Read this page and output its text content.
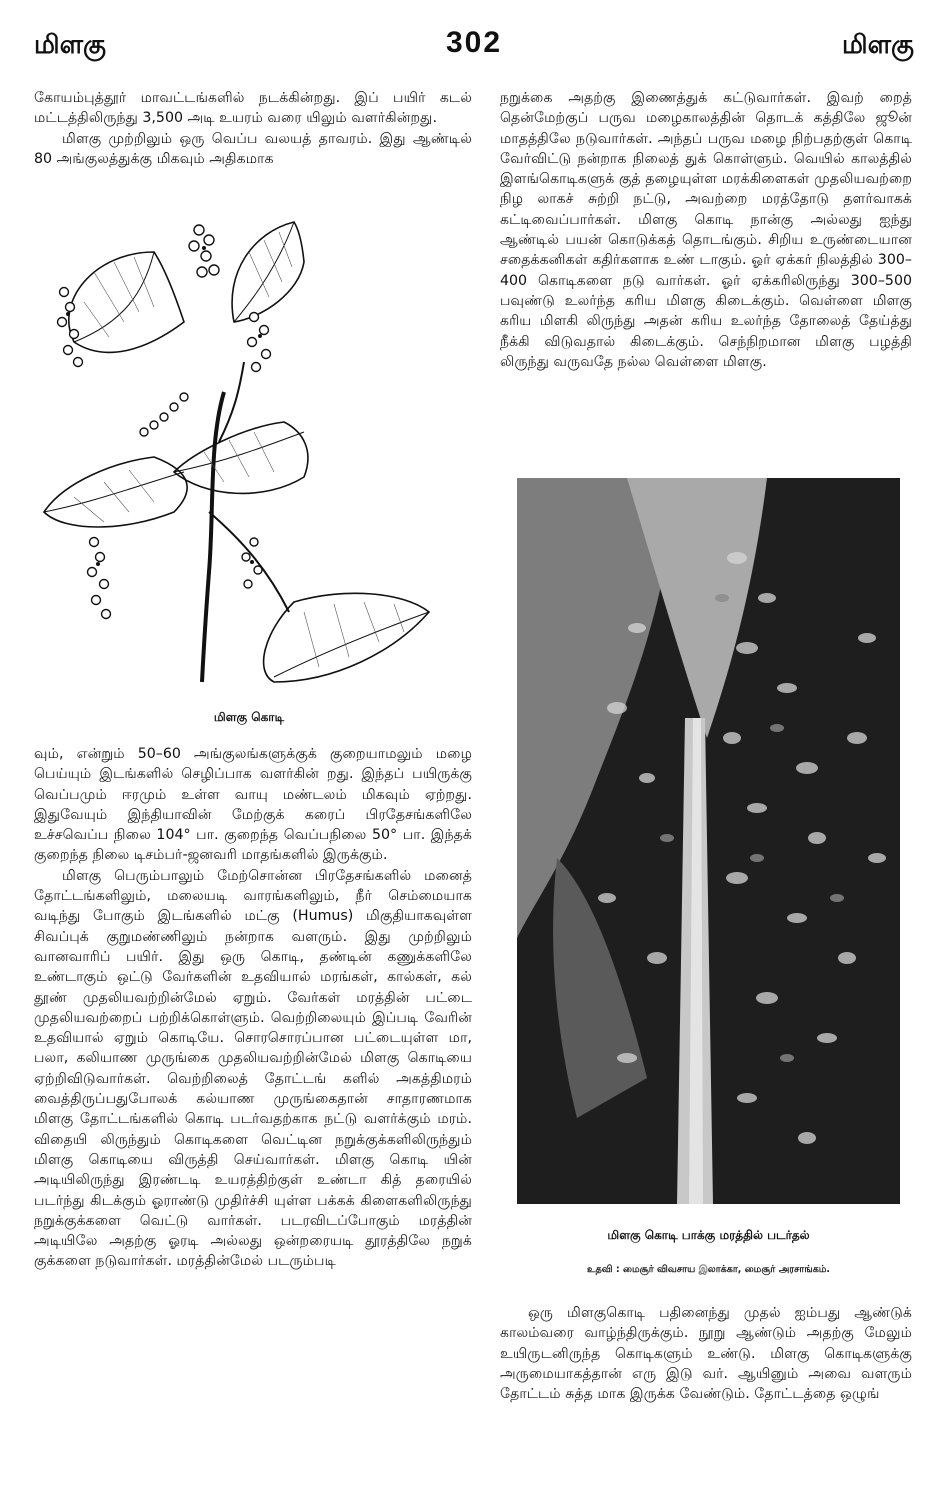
மிளகு	302	மிளகு

கோயம்புத்தூர் மாவட்டங்களில் நடக்கின்றது. இப் பயிர் கடல் மட்டத்திலிருந்து 3,500 அடி உயரம் வரை யிலும் வளர்கின்றது.

மிளகு முற்றிலும் ஒரு வெப்ப வலயத் தாவரம். இது ஆண்டில் 80 அங்குலத்துக்கு மிகவும் அதிகமாக

மிளகு கொடி

வும், என்றும் 50–60 அங்குலங்களுக்குக் குறையாமலும் மழை பெய்யும் இடங்களில் செழிப்பாக வளர்கின் றது. இந்தப் பயிருக்கு வெப்பமும் ஈரமும் உள்ள வாயு மண்டலம் மிகவும் ஏற்றது. இதுவேயும் இந்தியாவின் மேற்குக் கரைப் பிரதேசங்களிலே உச்சவெப்ப நிலை 104° பா. குறைந்த வெப்பநிலை 50° பா. இந்தக் குறைந்த நிலை டிசம்பர்-ஜனவரி மாதங்களில் இருக்கும்.

மிளகு பெரும்பாலும் மேற்சொன்ன பிரதேசங்களில் மனைத் தோட்டங்களிலும், மலையடி வாரங்களிலும், நீர் செம்மையாக வடிந்து போகும் இடங்களில் மட்கு (Humus) மிகுதியாகவுள்ள சிவப்புக் குறுமண்ணிலும் நன்றாக வளரும். இது முற்றிலும் வானவாரிப் பயிர். இது ஒரு கொடி, தண்டின் கணுக்களிலே உண்டாகும் ஒட்டு வேர்களின் உதவியால் மரங்கள், கால்கள், கல் தூண் முதலியவற்றின்மேல் ஏறும். வேர்கள் மரத்தின் பட்டை முதலியவற்றைப் பற்றிக்கொள்ளும். வெற்றிலையும் இப்படி வேரின் உதவியால் ஏறும் கொடியே. சொரசொரப்பான பட்டையுள்ள மா, பலா, கலியாண முருங்கை முதலியவற்றின்மேல் மிளகு கொடியை ஏற்றிவிடுவார்கள். வெற்றிலைத் தோட்டங் களில் அகத்திமரம் வைத்திருப்பதுபோலக் கல்யாண முருங்கைதான் சாதாரணமாக மிளகு தோட்டங்களில் கொடி படர்வதற்காக நட்டு வளர்க்கும் மரம். விதையி லிருந்தும் கொடிகளை வெட்டின நறுக்குக்களிலிருந்தும் மிளகு கொடியை விருத்தி செய்வார்கள். மிளகு கொடி யின் அடியிலிருந்து இரண்டடி உயரத்திற்குள் உண்டா கித் தரையில் படர்ந்து கிடக்கும் ஓராண்டு முதிர்ச்சி யுள்ள பக்கக் கிளைகளிலிருந்து நறுக்குக்களை வெட்டு வார்கள். படரவிடப்போகும் மரத்தின் அடியிலே அதற்கு ஓரடி அல்லது ஒன்றரையடி தூரத்திலே நறுக் குக்களை நடுவார்கள். மரத்தின்மேல் படரும்படி

நறுக்கை அதற்கு இணைத்துக் கட்டுவார்கள். இவற் றைத் தென்மேற்குப் பருவ மழைகாலத்தின் தொடக் கத்திலே ஜூன் மாதத்திலே நடுவார்கள். அந்தப் பருவ மழை நிற்பதற்குள் கொடி வேர்விட்டு நன்றாக நிலைத் துக் கொள்ளும். வெயில் காலத்தில் இளங்கொடிகளுக் குத் தழையுள்ள மரக்கிளைகள் முதலியவற்றை நிழ லாகச் சுற்றி நட்டு, அவற்றை மரத்தோடு தளர்வாகக் கட்டிவைப்பார்கள். மிளகு கொடி நான்கு அல்லது ஐந்து ஆண்டில் பயன் கொடுக்கத் தொடங்கும். சிறிய உருண்டையான சதைக்கனிகள் கதிர்களாக உண் டாகும். ஓர் ஏக்கர் நிலத்தில் 300–400 கொடிகளை நடு வார்கள். ஓர் ஏக்கரிலிருந்து 300–500 பவுண்டு உலர்ந்த கரிய மிளகு கிடைக்கும். வெள்ளை மிளகு கரிய மிளகி லிருந்து அதன் கரிய உலர்ந்த தோலைத் தேய்த்து நீக்கி விடுவதால் கிடைக்கும். செந்நிறமான மிளகு பழத்தி லிருந்து வருவதே நல்ல வெள்ளை மிளகு.

மிளகு கொடி பாக்கு மரத்தில் படர்தல்
உதவி : மைசூர் விவசாய இலாக்கா, மைசூர் அரசாங்கம்.

ஒரு மிளகுகொடி பதினைந்து முதல் ஐம்பது ஆண்டுக் காலம்வரை வாழ்ந்திருக்கும். நூறு ஆண்டும் அதற்கு மேலும் உயிருடனிருந்த கொடிகளும் உண்டு. மிளகு கொடிகளுக்கு அருமையாகத்தான் எரு இடு வர். ஆயினும் அவை வளரும் தோட்டம் சுத்த மாக இருக்க வேண்டும். தோட்டத்தை ஒழுங்
